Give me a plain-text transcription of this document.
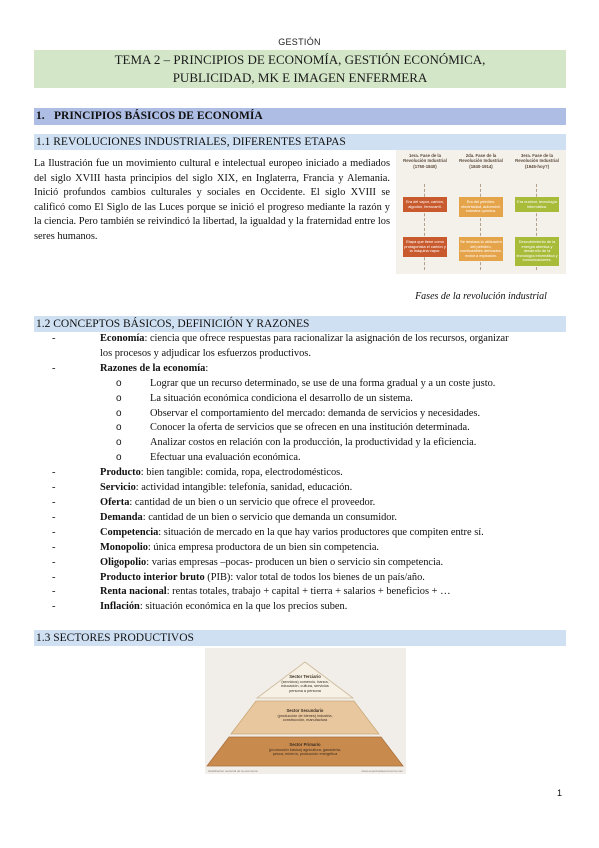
GESTIÓN
TEMA 2 – PRINCIPIOS DE ECONOMÍA, GESTIÓN ECONÓMICA,
PUBLICIDAD, MK E IMAGEN ENFERMERA
1. PRINCIPIOS BÁSICOS DE ECONOMÍA
1.1 REVOLUCIONES INDUSTRIALES, DIFERENTES ETAPAS
La Ilustración fue un movimiento cultural e intelectual europeo iniciado a mediados del siglo XVIII hasta principios del siglo XIX, en Inglaterra, Francia y Alemania. Inició profundos cambios culturales y sociales en Occidente. El siglo XVIII se calificó como El Siglo de las Luces porque se inició el progreso mediante la razón y la ciencia. Pero también se reivindicó la libertad, la igualdad y la fraternidad entre los seres humanos.
1era. Fase de la Revolución Industrial
(1750-1840)
Era del vapor, carbón, algodón, ferrocarril.
Etapa que tiene como protagonista el carbón y la máquina vapor.
2da. Fase de la Revolución Industrial
(1840-1914)
Era del petróleo, electricidad, automóvil, industria química.
Se destaca la utilización del petróleo, combustibles derivados, motor a explosión.
3era. Fase de la Revolución Industrial
(1945-hoy?)
Era nuclear, tecnología informática.
Descubrimiento de la energía atómica y desarrollo de la tecnología informática y comunicaciones.
Fases de la revolución industrial
1.2 CONCEPTOS BÁSICOS, DEFINICIÓN Y RAZONES
-	Economía: ciencia que ofrece respuestas para racionalizar la asignación de los recursos, organizar
los procesos y adjudicar los esfuerzos productivos.
-	Razones de la economía:
o	Lograr que un recurso determinado, se use de una forma gradual y a un coste justo.
o	La situación económica condiciona el desarrollo de un sistema.
o	Observar el comportamiento del mercado: demanda de servicios y necesidades.
o	Conocer la oferta de servicios que se ofrecen en una institución determinada.
o	Analizar costos en relación con la producción, la productividad y la eficiencia.
o	Efectuar una evaluación económica.
-	Producto: bien tangible: comida, ropa, electrodomésticos.
-	Servicio: actividad intangible: telefonía, sanidad, educación.
-	Oferta: cantidad de un bien o un servicio que ofrece el proveedor.
-	Demanda: cantidad de un bien o servicio que demanda un consumidor.
-	Competencia: situación de mercado en la que hay varios productores que compiten entre sí.
-	Monopolio: única empresa productora de un bien sin competencia.
-	Oligopolio: varias empresas –pocas- producen un bien o servicio sin competencia.
-	Producto interior bruto (PIB): valor total de todos los bienes de un país/año.
-	Renta nacional: rentas totales, trabajo + capital + tierra + salarios + beneficios + …
-	Inflación: situación económica en la que los precios suben.
1.3 SECTORES PRODUCTIVOS
Sector Terciario
(servicios) comercio, banca, educación, cultura, servicios persona a persona
Sector Secundario
(producción de bienes) industria, construcción, manufactura
Sector Primario
(producción básica) agricultura, ganadería, pesca, minería, producción energética
clasificación sectorial de la economía	www.expertosdeeconomia.com
1
